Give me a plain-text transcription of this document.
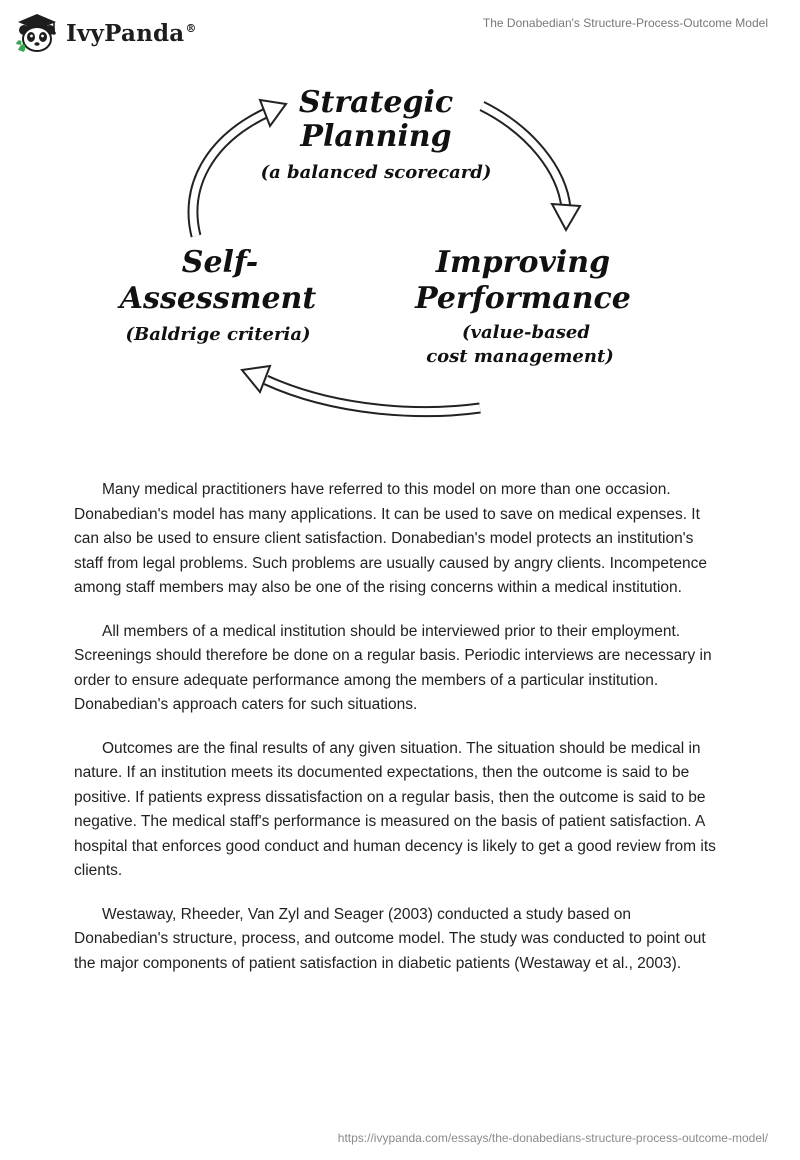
IvyPanda®	The Donabedian's Structure-Process-Outcome Model
Strategic
Planning
(a balanced scorecard)
Improving
Performance
(value-based
cost management)
Self-
Assessment
(Baldrige criteria)

Many medical practitioners have referred to this model on more than one occasion. Donabedian's model has many applications. It can be used to save on medical expenses. It can also be used to ensure client satisfaction. Donabedian's model protects an institution's staff from legal problems. Such problems are usually caused by angry clients. Incompetence among staff members may also be one of the rising concerns within a medical institution.

All members of a medical institution should be interviewed prior to their employment. Screenings should therefore be done on a regular basis. Periodic interviews are necessary in order to ensure adequate performance among the members of a particular institution. Donabedian's approach caters for such situations.

Outcomes are the final results of any given situation. The situation should be medical in nature. If an institution meets its documented expectations, then the outcome is said to be positive. If patients express dissatisfaction on a regular basis, then the outcome is said to be negative. The medical staff's performance is measured on the basis of patient satisfaction. A hospital that enforces good conduct and human decency is likely to get a good review from its clients.

Westaway, Rheeder, Van Zyl and Seager (2003) conducted a study based on Donabedian's structure, process, and outcome model. The study was conducted to point out the major components of patient satisfaction in diabetic patients (Westaway et al., 2003).

https://ivypanda.com/essays/the-donabedians-structure-process-outcome-model/
